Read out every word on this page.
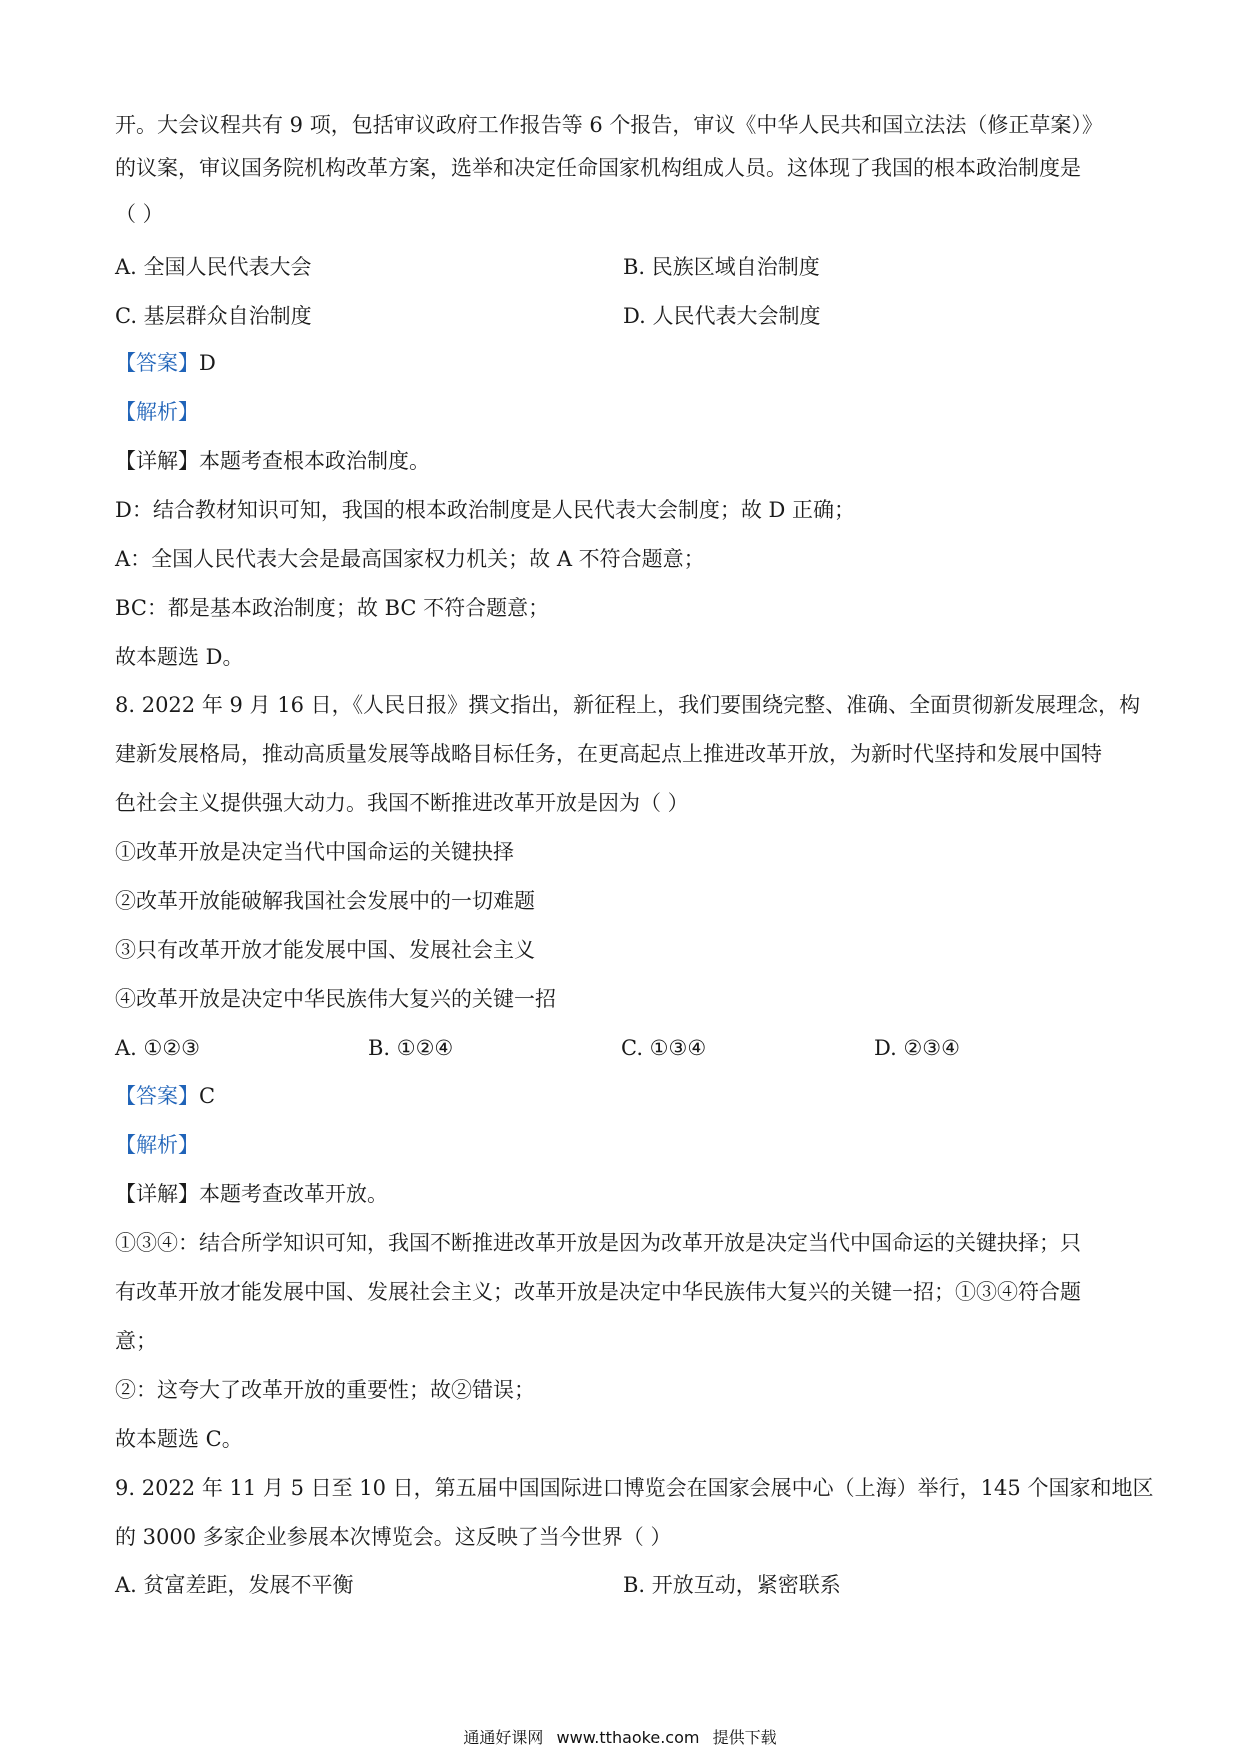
开。大会议程共有 9 项，包括审议政府工作报告等 6 个报告，审议《中华人民共和国立法法（修正草案）》
的议案，审议国务院机构改革方案，选举和决定任命国家机构组成人员。这体现了我国的根本政治制度是
（ ）
A. 全国人民代表大会	B. 民族区域自治制度
C. 基层群众自治制度	D. 人民代表大会制度
【答案】D
【解析】
【详解】本题考查根本政治制度。
D：结合教材知识可知，我国的根本政治制度是人民代表大会制度；故 D 正确；
A：全国人民代表大会是最高国家权力机关；故 A 不符合题意；
BC：都是基本政治制度；故 BC 不符合题意；
故本题选 D。
8. 2022 年 9 月 16 日，《人民日报》撰文指出，新征程上，我们要围绕完整、准确、全面贯彻新发展理念，构
建新发展格局，推动高质量发展等战略目标任务，在更高起点上推进改革开放，为新时代坚持和发展中国特
色社会主义提供强大动力。我国不断推进改革开放是因为（ ）
①改革开放是决定当代中国命运的关键抉择
②改革开放能破解我国社会发展中的一切难题
③只有改革开放才能发展中国、发展社会主义
④改革开放是决定中华民族伟大复兴的关键一招
A. ①②③	B. ①②④	C. ①③④	D. ②③④
【答案】C
【解析】
【详解】本题考查改革开放。
①③④：结合所学知识可知，我国不断推进改革开放是因为改革开放是决定当代中国命运的关键抉择；只
有改革开放才能发展中国、发展社会主义；改革开放是决定中华民族伟大复兴的关键一招；①③④符合题
意；
②：这夸大了改革开放的重要性；故②错误；
故本题选 C。
9. 2022 年 11 月 5 日至 10 日，第五届中国国际进口博览会在国家会展中心（上海）举行，145 个国家和地区
的 3000 多家企业参展本次博览会。这反映了当今世界（ ）
A. 贫富差距，发展不平衡	B. 开放互动，紧密联系
通通好课网 www.tthaoke.com 提供下载
